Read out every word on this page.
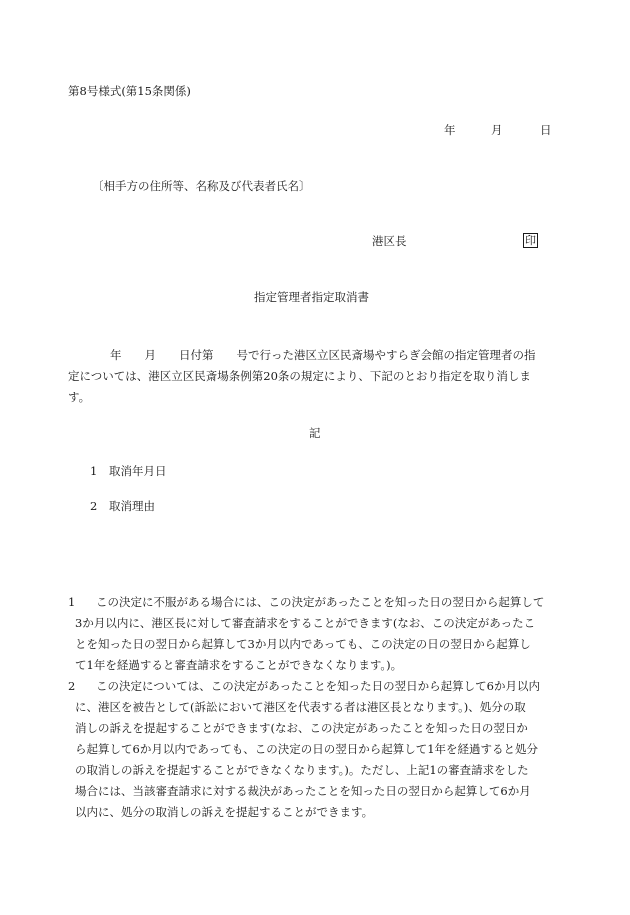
第8号様式(第15条関係)
年	月	日
〔相手方の住所等、名称及び代表者氏名〕
港区長	印
指定管理者指定取消書
年　　月　　日付第　　号で行った港区立区民斎場やすらぎ会館の指定管理者の指
定については、港区立区民斎場条例第20条の規定により、下記のとおり指定を取り消しま
す。
記
1 取消年月日
2 取消理由
1 この決定に不服がある場合には、この決定があったことを知った日の翌日から起算して
3か月以内に、港区長に対して審査請求をすることができます(なお、この決定があったこ
とを知った日の翌日から起算して3か月以内であっても、この決定の日の翌日から起算し
て1年を経過すると審査請求をすることができなくなります。)。
2 この決定については、この決定があったことを知った日の翌日から起算して6か月以内
に、港区を被告として(訴訟において港区を代表する者は港区長となります。)、処分の取
消しの訴えを提起することができます(なお、この決定があったことを知った日の翌日か
ら起算して6か月以内であっても、この決定の日の翌日から起算して1年を経過すると処分
の取消しの訴えを提起することができなくなります。)。ただし、上記1の審査請求をした
場合には、当該審査請求に対する裁決があったことを知った日の翌日から起算して6か月
以内に、処分の取消しの訴えを提起することができます。
